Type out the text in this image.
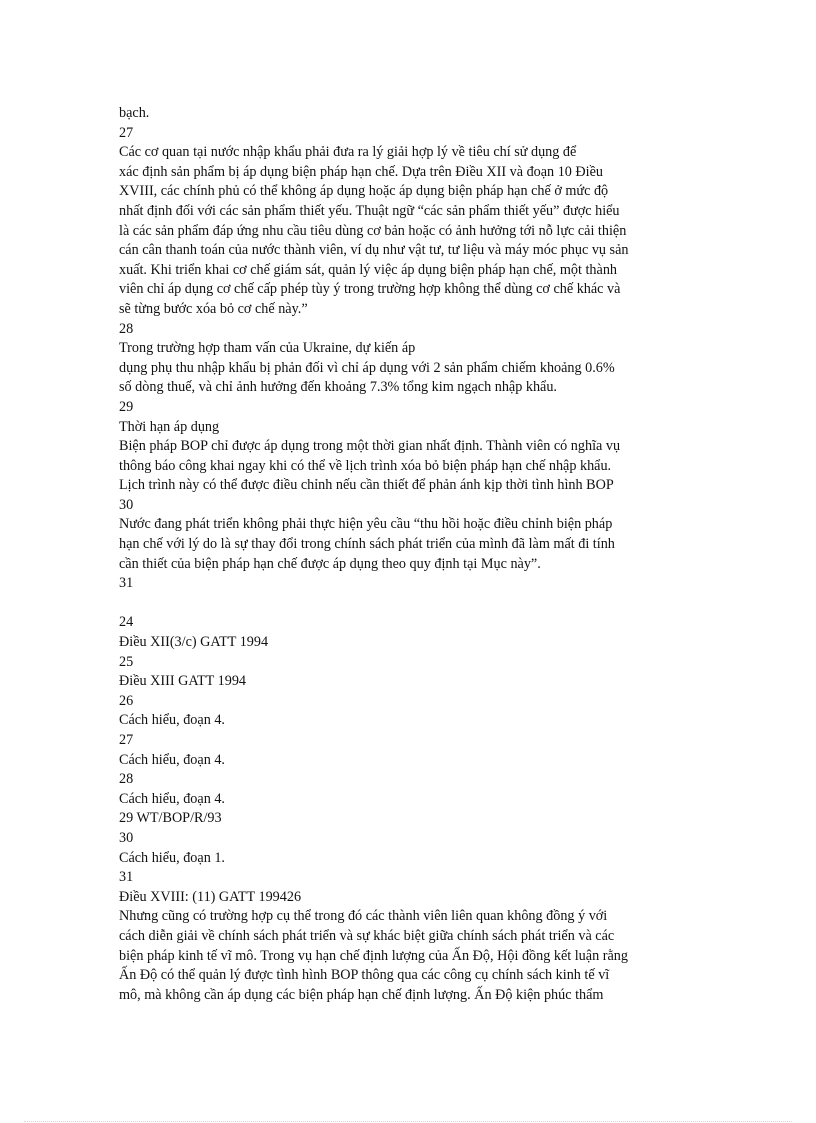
bạch.
27
Các cơ quan tại nước nhập khẩu phải đưa ra lý giải hợp lý về tiêu chí sử dụng để
xác định sản phẩm bị áp dụng biện pháp hạn chế. Dựa trên Điều XII và đoạn 10 Điều
XVIII, các chính phủ có thể không áp dụng hoặc áp dụng biện pháp hạn chế ở mức độ
nhất định đối với các sản phẩm thiết yếu. Thuật ngữ “các sản phẩm thiết yếu” được hiểu
là các sản phẩm đáp ứng nhu cầu tiêu dùng cơ bản hoặc có ảnh hưởng tới nỗ lực cải thiện
cán cân thanh toán của nước thành viên, ví dụ như vật tư, tư liệu và máy móc phục vụ sản
xuất. Khi triển khai cơ chế giám sát, quản lý việc áp dụng biện pháp hạn chế, một thành
viên chỉ áp dụng cơ chế cấp phép tùy ý trong trường hợp không thể dùng cơ chế khác và
sẽ từng bước xóa bỏ cơ chế này.”
28
Trong trường hợp tham vấn của Ukraine, dự kiến áp
dụng phụ thu nhập khẩu bị phản đối vì chỉ áp dụng với 2 sản phẩm chiếm khoảng 0.6%
số dòng thuế, và chỉ ảnh hưởng đến khoảng 7.3% tổng kim ngạch nhập khẩu.
29
Thời hạn áp dụng
Biện pháp BOP chỉ được áp dụng trong một thời gian nhất định. Thành viên có nghĩa vụ
thông báo công khai ngay khi có thể về lịch trình xóa bỏ biện pháp hạn chế nhập khẩu.
Lịch trình này có thể được điều chỉnh nếu cần thiết để phản ánh kịp thời tình hình BOP
30
Nước đang phát triển không phải thực hiện yêu cầu “thu hồi hoặc điều chỉnh biện pháp
hạn chế với lý do là sự thay đổi trong chính sách phát triển của mình đã làm mất đi tính
cần thiết của biện pháp hạn chế được áp dụng theo quy định tại Mục này”.
31
24
Điều XII(3/c) GATT 1994
25
Điều XIII GATT 1994
26
Cách hiểu, đoạn 4.
27
Cách hiểu, đoạn 4.
28
Cách hiểu, đoạn 4.
29 WT/BOP/R/93
30
Cách hiểu, đoạn 1.
31
Điều XVIII: (11) GATT 199426
Nhưng cũng có trường hợp cụ thể trong đó các thành viên liên quan không đồng ý với
cách diễn giải về chính sách phát triển và sự khác biệt giữa chính sách phát triển và các
biện pháp kinh tế vĩ mô. Trong vụ hạn chế định lượng của Ấn Độ, Hội đồng kết luận rằng
Ấn Độ có thể quản lý được tình hình BOP thông qua các công cụ chính sách kinh tế vĩ
mô, mà không cần áp dụng các biện pháp hạn chế định lượng. Ấn Độ kiện phúc thẩm
